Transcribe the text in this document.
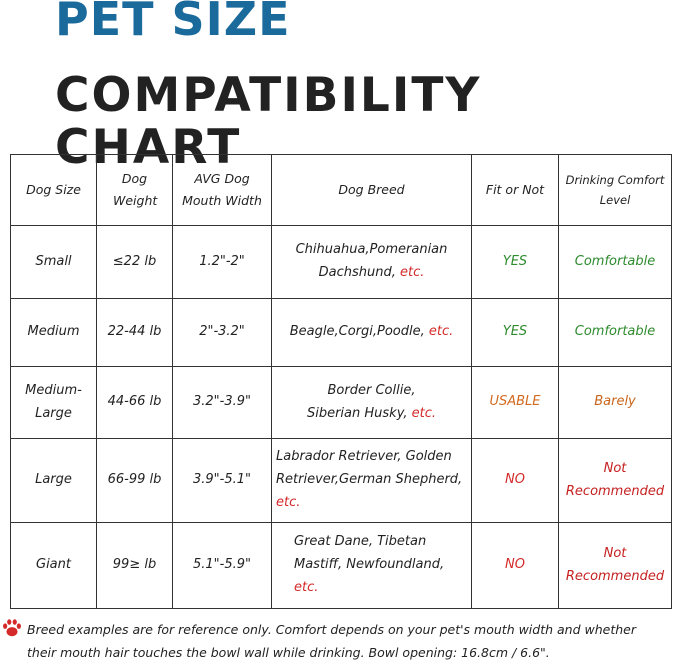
PET SIZE
COMPATIBILITY CHART
Dog Size	Dog Weight	AVG Dog Mouth Width	Dog Breed	Fit or Not	Drinking Comfort Level
Small	≤22 lb	1.2"-2"	Chihuahua,Pomeranian Dachshund, etc.	YES	Comfortable
Medium	22-44 lb	2"-3.2"	Beagle,Corgi,Poodle, etc.	YES	Comfortable
Medium-Large	44-66 lb	3.2"-3.9"	Border Collie, Siberian Husky, etc.	USABLE	Barely
Large	66-99 lb	3.9"-5.1"	Labrador Retriever, Golden Retriever,German Shepherd, etc.	NO	Not Recommended
Giant	99≥ lb	5.1"-5.9"	Great Dane, Tibetan Mastiff, Newfoundland, etc.	NO	Not Recommended
Breed examples are for reference only. Comfort depends on your pet's mouth width and whether
their mouth hair touches the bowl wall while drinking. Bowl opening: 16.8cm / 6.6".
